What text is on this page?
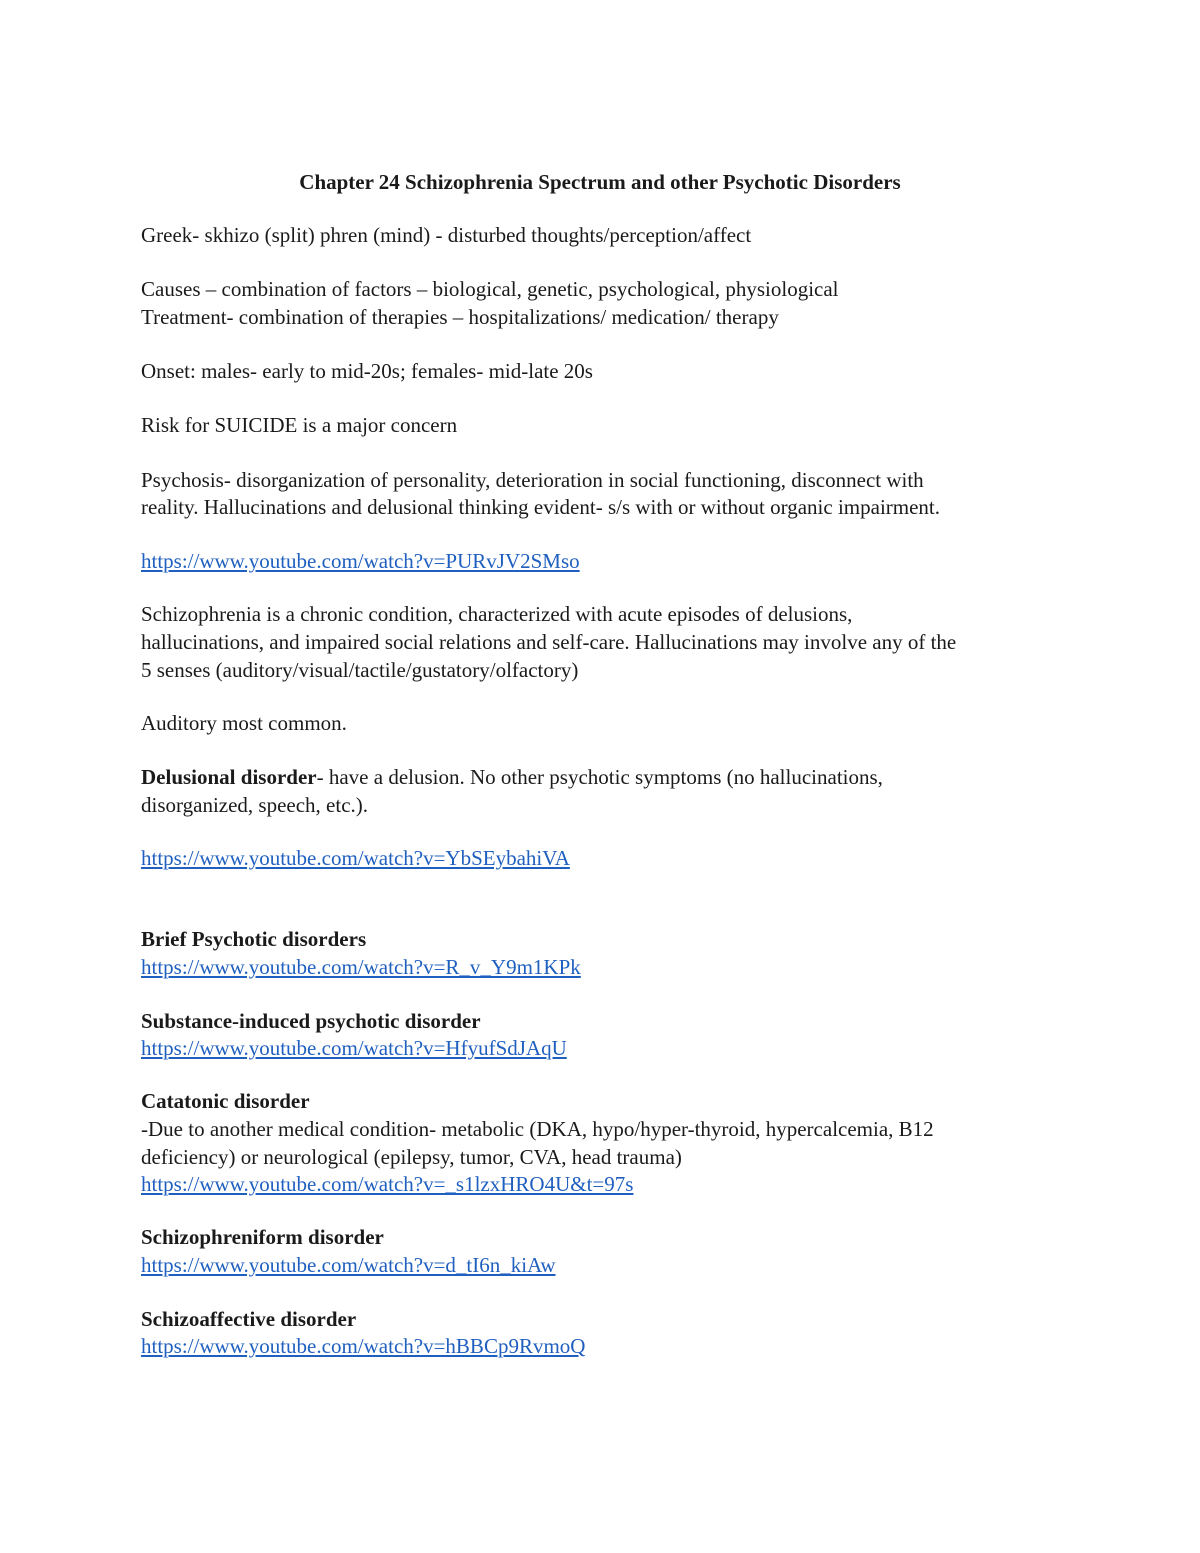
Chapter 24 Schizophrenia Spectrum and other Psychotic Disorders

Greek- skhizo (split) phren (mind) - disturbed thoughts/perception/affect

Causes – combination of factors – biological, genetic, psychological, physiological

Treatment- combination of therapies – hospitalizations/ medication/ therapy

Onset: males- early to mid-20s; females- mid-late 20s

Risk for SUICIDE is a major concern

Psychosis- disorganization of personality, deterioration in social functioning, disconnect with

reality. Hallucinations and delusional thinking evident- s/s with or without organic impairment.

https://www.youtube.com/watch?v=PURvJV2SMso

Schizophrenia is a chronic condition, characterized with acute episodes of delusions,

hallucinations, and impaired social relations and self-care. Hallucinations may involve any of the

5 senses (auditory/visual/tactile/gustatory/olfactory)

Auditory most common.

Delusional disorder- have a delusion. No other psychotic symptoms (no hallucinations,

disorganized, speech, etc.).

https://www.youtube.com/watch?v=YbSEybahiVA

Brief Psychotic disorders

https://www.youtube.com/watch?v=R_v_Y9m1KPk

Substance-induced psychotic disorder

https://www.youtube.com/watch?v=HfyufSdJAqU

Catatonic disorder

-Due to another medical condition- metabolic (DKA, hypo/hyper-thyroid, hypercalcemia, B12

deficiency) or neurological (epilepsy, tumor, CVA, head trauma)

https://www.youtube.com/watch?v=_s1lzxHRO4U&t=97s

Schizophreniform disorder

https://www.youtube.com/watch?v=d_tI6n_kiAw

Schizoaffective disorder

https://www.youtube.com/watch?v=hBBCp9RvmoQ
